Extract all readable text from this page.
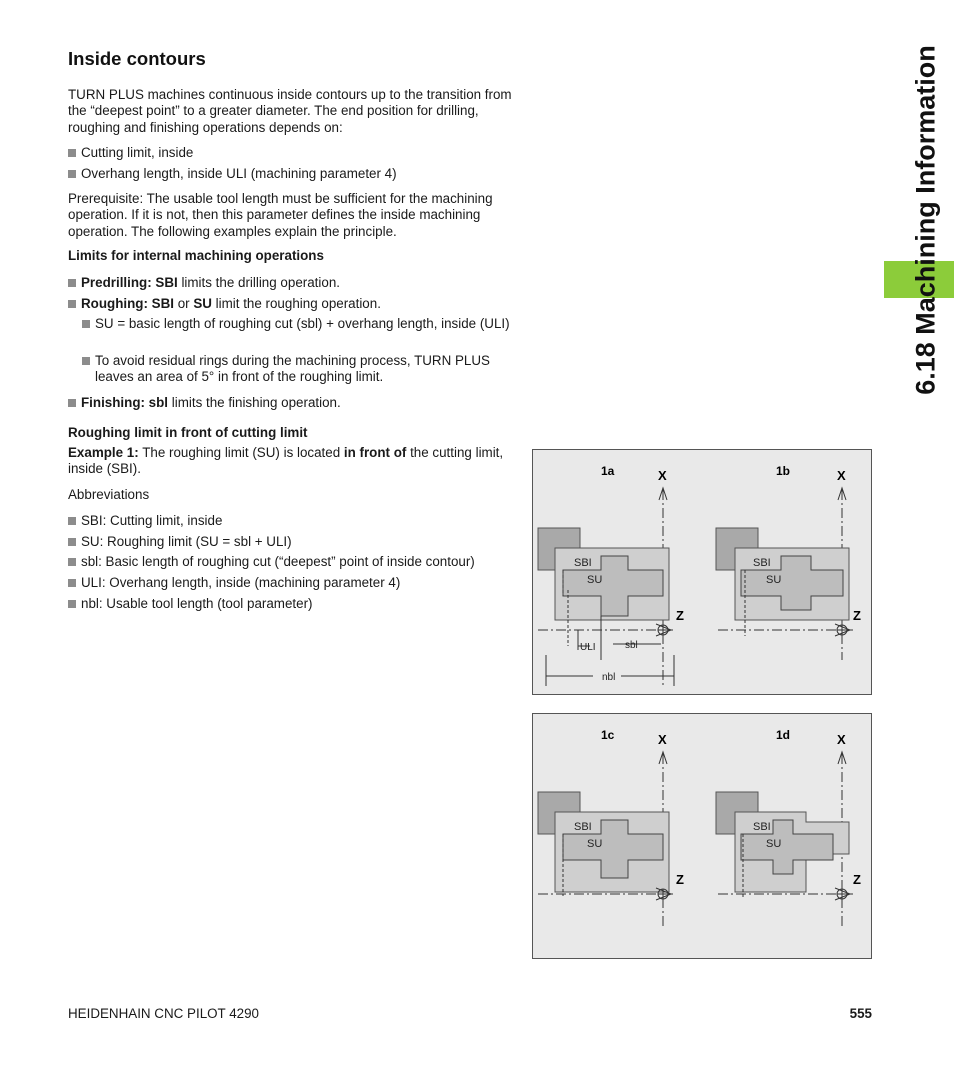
6.18 Machining Information
Inside contours

TURN PLUS machines continuous inside contours up to the transition from the “deepest point” to a greater diameter. The end position for drilling, roughing and finishing operations depends on:

Cutting limit, inside
Overhang length, inside ULI (machining parameter 4)

Prerequisite: The usable tool length must be sufficient for the machining operation. If it is not, then this parameter defines the inside machining operation. The following examples explain the principle.

Limits for internal machining operations
Predrilling: SBI limits the drilling operation.
Roughing: SBI or SU limit the roughing operation.
SU = basic length of roughing cut (sbl) + overhang length, inside (ULI)
To avoid residual rings during the machining process, TURN PLUS leaves an area of 5° in front of the roughing limit.
Finishing: sbl limits the finishing operation.
Roughing limit in front of cutting limit

Example 1: The roughing limit (SU) is located in front of the cutting limit, inside (SBI).

Abbreviations
SBI: Cutting limit, inside
SU: Roughing limit (SU = sbl + ULI)
sbl: Basic length of roughing cut (“deepest” point of inside contour)
ULI: Overhang length, inside (machining parameter 4)
nbl: Usable tool length (tool parameter)
1a	X
SBI
SU
Z
ULI	sbl
nbl
1b	X
SBI
SU
Z
1c	X
SBI
SU
Z
1d	X
SBI
SU
Z
HEIDENHAIN CNC PILOT 4290	555
